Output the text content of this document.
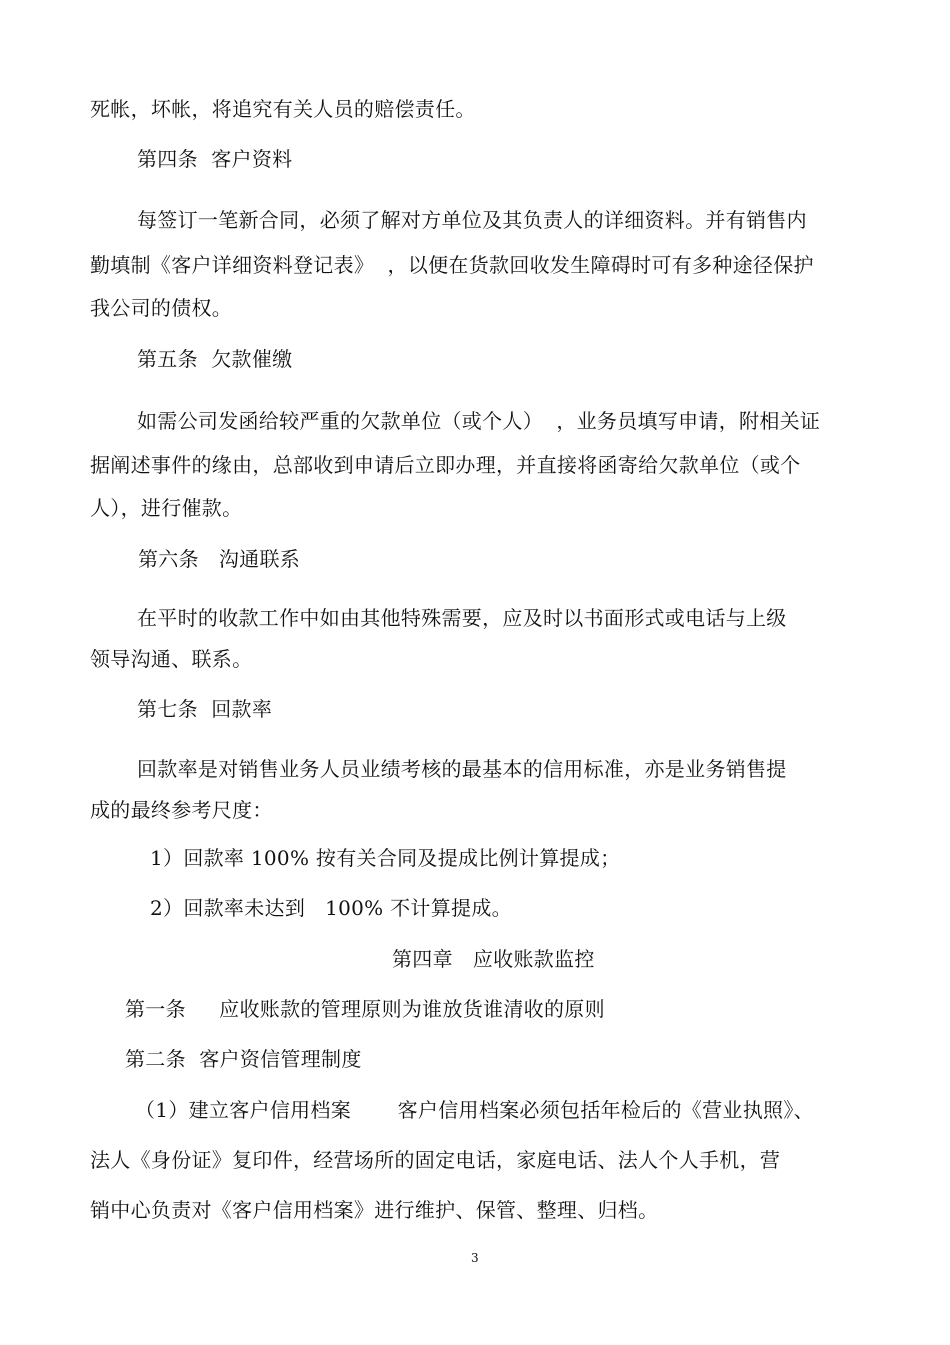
死帐，坏帐，将追究有关人员的赔偿责任。
第四条  客户资料
每签订一笔新合同，必须了解对方单位及其负责人的详细资料。并有销售内
勤填制《客户详细资料登记表》  ，以便在货款回收发生障碍时可有多种途径保护
我公司的债权。
第五条  欠款催缴
如需公司发函给较严重的欠款单位（或个人）  ，业务员填写申请，附相关证
据阐述事件的缘由，总部收到申请后立即办理，并直接将函寄给欠款单位（或个
人），进行催款。
第六条   沟通联系
在平时的收款工作中如由其他特殊需要，应及时以书面形式或电话与上级
领导沟通、联系。
第七条  回款率
回款率是对销售业务人员业绩考核的最基本的信用标准，亦是业务销售提
成的最终参考尺度：
1）回款率 100% 按有关合同及提成比例计算提成；
2）回款率未达到   100% 不计算提成。
第四章   应收账款监控
第一条     应收账款的管理原则为谁放货谁清收的原则
第二条  客户资信管理制度
（1）建立客户信用档案       客户信用档案必须包括年检后的《营业执照》、
法人《身份证》复印件，经营场所的固定电话，家庭电话、法人个人手机，营
销中心负责对《客户信用档案》进行维护、保管、整理、归档。
3
